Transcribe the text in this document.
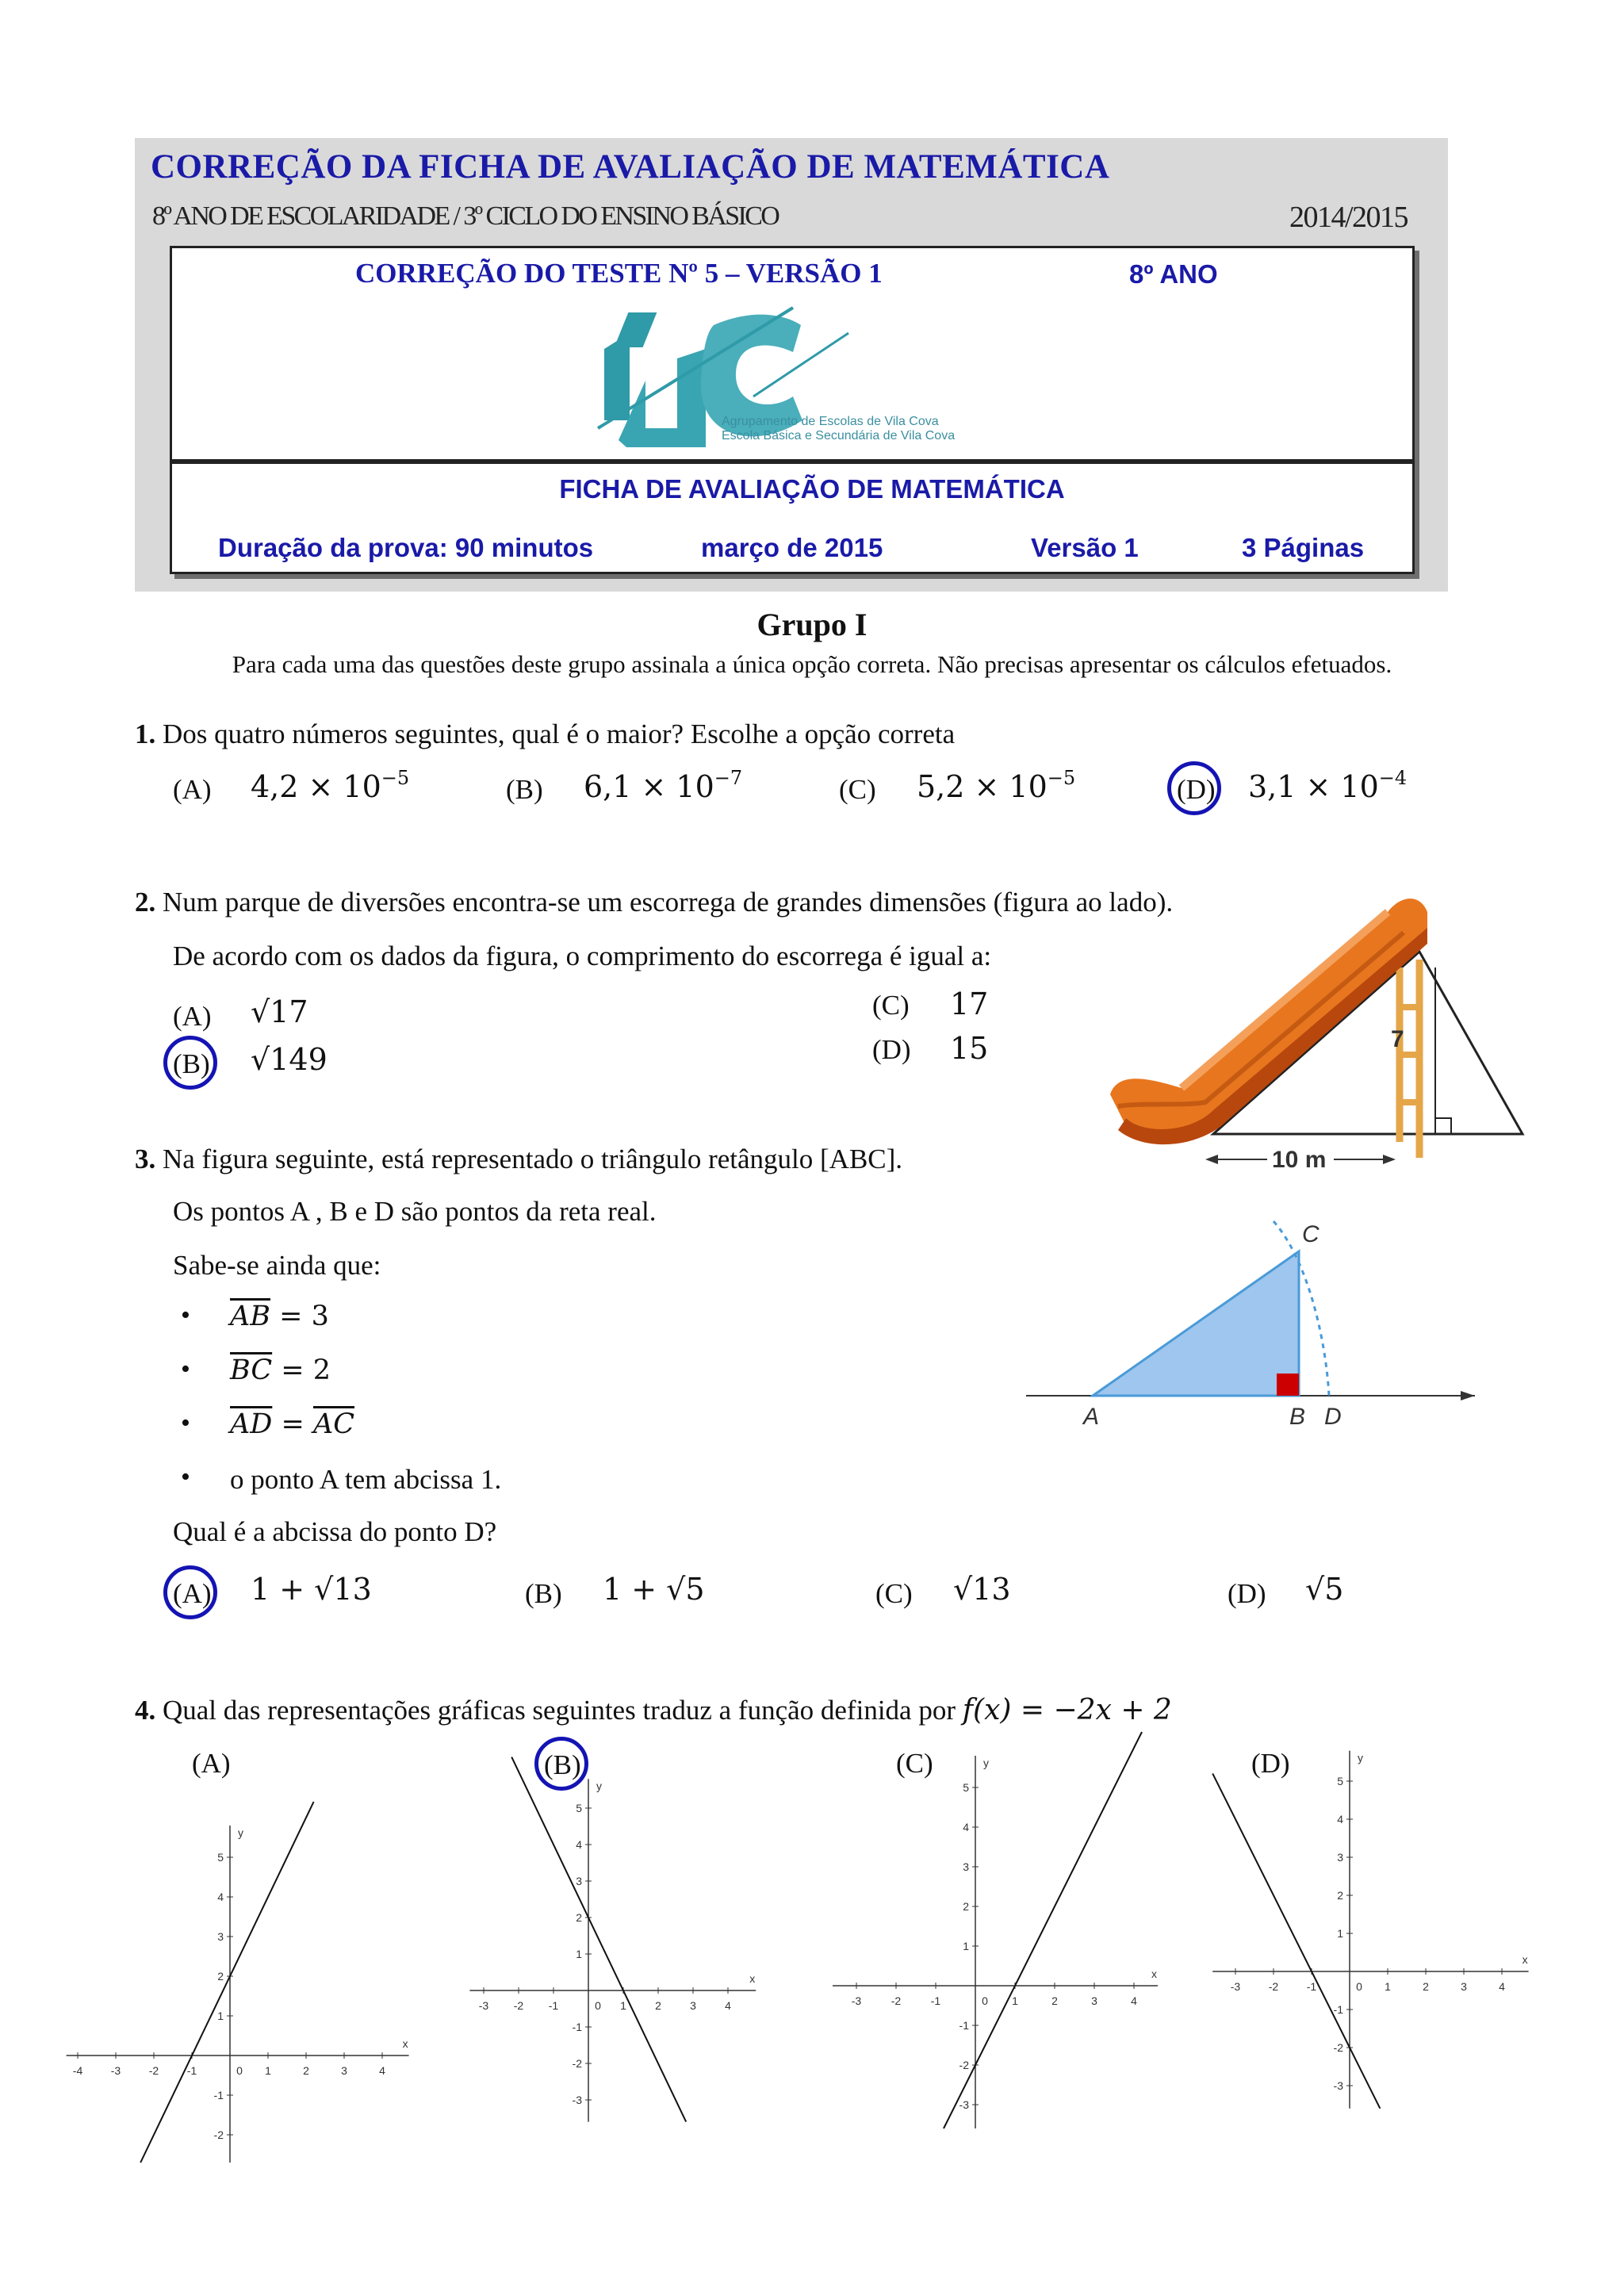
CORREÇÃO DA FICHA DE AVALIAÇÃO DE MATEMÁTICA
8º ANO DE ESCOLARIDADE / 3º CICLO DO ENSINO BÁSICO	2014/2015
CORREÇÃO DO TESTE Nº 5 – VERSÃO 1	8º ANO
Agrupamento de Escolas de Vila Cova
Escola Básica e Secundária de Vila Cova
FICHA DE AVALIAÇÃO DE MATEMÁTICA
Duração da prova: 90 minutos	março de 2015	Versão 1	3 Páginas
Grupo I
Para cada uma das questões deste grupo assinala a única opção correta. Não precisas apresentar os cálculos efetuados.
1. Dos quatro números seguintes, qual é o maior? Escolhe a opção correta
(A) $4,2 \times 10^{-5}$	(B) $6,1 \times 10^{-7}$	(C) $5,2 \times 10^{-5}$	(D) $3,1 \times 10^{-4}$
2. Num parque de diversões encontra-se um escorrega de grandes dimensões (figura ao lado).
De acordo com os dados da figura, o comprimento do escorrega é igual a:
(A) √17
(B) √149
(C) 17
(D) 15	7
10 m
3. Na figura seguinte, está representado o triângulo retângulo [ABC].
Os pontos A , B e D são pontos da reta real.
Sabe-se ainda que:
• $\overline{AB} = 3$
• $\overline{BC} = 2$
• $\overline{AD} = \overline{AC}$
• o ponto A tem abcissa 1.
Qual é a abcissa do ponto D?
(A) 1 + √13	(B) 1 + √5	(C) √13	(D) √5
A	B
C
D
4. Qual das representações gráficas seguintes traduz a função definida por f(x) = −2x + 2
(A)	(B)	(C)	(D)
-4	-3	-2	-1	0 1	2	3	4
5
4
3
2
1
-1
-2
x
y
-3 -2 -1	0 1	2	3	4
5
4
3
2
1
-1
-2
-3
x
y
-3	-2	-1	0 1	2	3	4
5
4
3
2
1
-1
-2
-3
x
y
-3	-2	-1	0 1	2	3	4
5
4
3
2
1
-1
-2
-3
x
y
